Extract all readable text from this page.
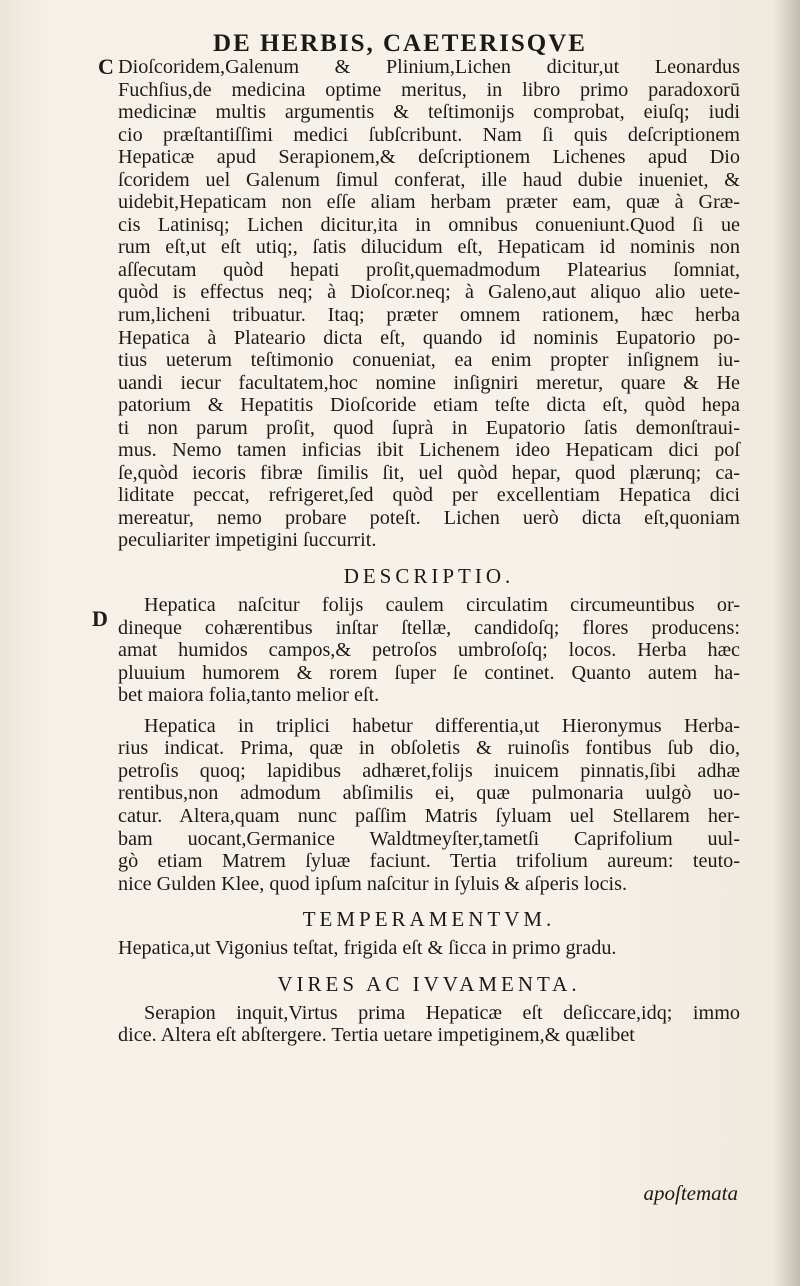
DE HERBIS, CAETERISQVE
C
D
Dioſcoridem,Galenum & Plinium,Lichen dicitur,ut Leonardus
Fuchſius,de medicina optime meritus, in libro primo paradoxorū
medicinæ multis argumentis & teſtimonijs comprobat, eiuſq; iudi
cio præſtantiſſimi medici ſubſcribunt. Nam ſi quis deſcriptionem
Hepaticæ apud Serapionem,& deſcriptionem Lichenes apud Dio
ſcoridem uel Galenum ſimul conferat, ille haud dubie inueniet, &
uidebit,Hepaticam non eſſe aliam herbam præter eam, quæ à Græ-
cis Latinisq; Lichen dicitur,ita in omnibus conueniunt.Quod ſi ue
rum eſt,ut eſt utiq;, ſatis dilucidum eſt, Hepaticam id nominis non
aſſecutam quòd hepati proſit,quemadmodum Platearius ſomniat,
quòd is effectus neq; à Dioſcor.neq; à Galeno,aut aliquo alio uete-
rum,licheni tribuatur. Itaq; præter omnem rationem, hæc herba
Hepatica à Plateario dicta eſt, quando id nominis Eupatorio po-
tius ueterum teſtimonio conueniat, ea enim propter inſignem iu-
uandi iecur facultatem,hoc nomine inſigniri meretur, quare & He
patorium & Hepatitis Dioſcoride etiam teſte dicta eſt, quòd hepa
ti non parum proſit, quod ſuprà in Eupatorio ſatis demonſtraui-
mus. Nemo tamen inficias ibit Lichenem ideo Hepaticam dici poſ
ſe,quòd iecoris fibræ ſimilis ſit, uel quòd hepar, quod plærunq; ca-
liditate peccat, refrigeret,ſed quòd per excellentiam Hepatica dici
mereatur, nemo probare poteſt. Lichen uerò dicta eſt,quoniam
peculiariter impetigini ſuccurrit.
DESCRIPTIO.
Hepatica naſcitur folijs caulem circulatim circumeuntibus or-
dineque cohærentibus inſtar ſtellæ, candidoſq; flores producens:
amat humidos campos,& petroſos umbroſoſq; locos. Herba hæc
pluuium humorem & rorem ſuper ſe continet. Quanto autem ha-
bet maiora folia,tanto melior eſt.
Hepatica in triplici habetur differentia,ut Hieronymus Herba-
rius indicat. Prima, quæ in obſoletis & ruinoſis fontibus ſub dio,
petroſis quoq; lapidibus adhæret,folijs inuicem pinnatis,ſibi adhæ
rentibus,non admodum abſimilis ei, quæ pulmonaria uulgò uo-
catur. Altera,quam nunc paſſim Matris ſyluam uel Stellarem her-
bam uocant,Germanice Waldtmeyſter,tametſi Caprifolium uul-
gò etiam Matrem ſyluæ faciunt. Tertia trifolium aureum: teuto-
nice Gulden Klee, quod ipſum naſcitur in ſyluis & aſperis locis.
TEMPERAMENTVM.
Hepatica,ut Vigonius teſtat, frigida eſt & ſicca in primo gradu.
VIRES AC IVVAMENTA.
Serapion inquit,Virtus prima Hepaticæ eſt deſiccare,idq; immo
dice. Altera eſt abſtergere. Tertia uetare impetiginem,& quælibet
apoſtemata
